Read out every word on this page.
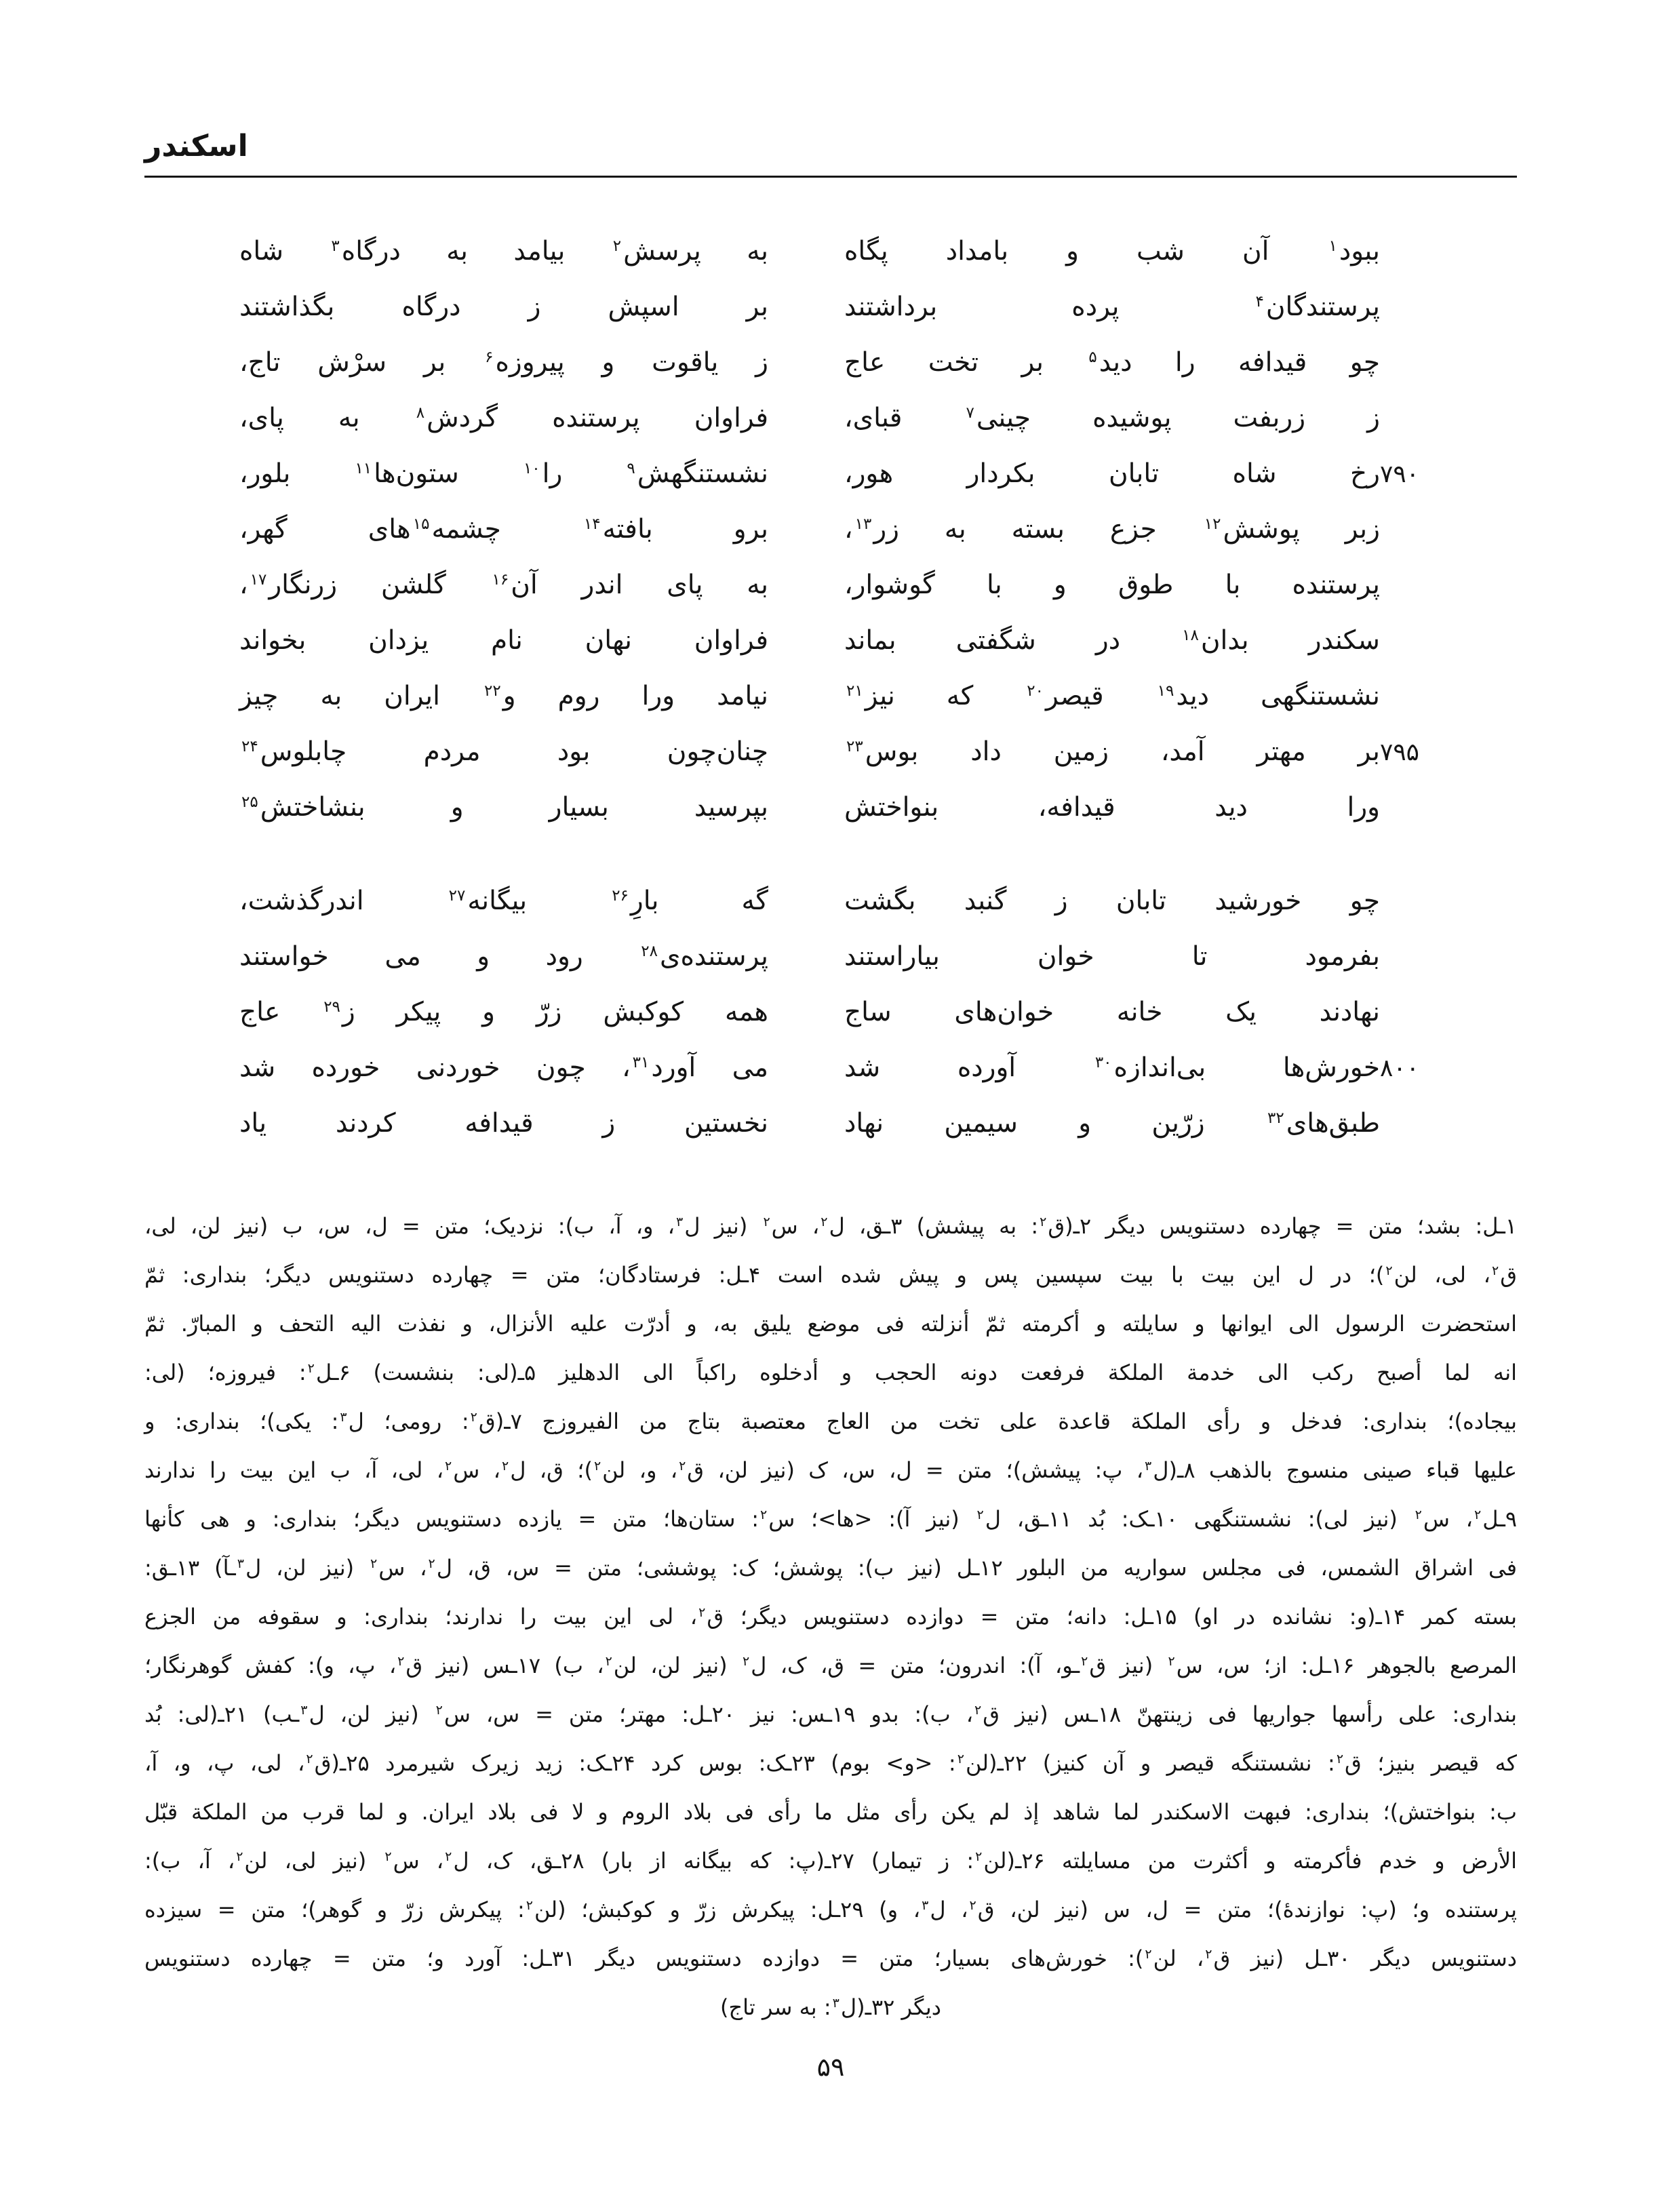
اسکندر
ببود$^۱$ آن شب و بامداد پگاه
به پرسش$^۲$ بیامد به درگاه$^۳$ شاه
پرستندگان$^۴$ پرده برداشتند
بر اسپش ز درگاه بگذاشتند
چو قیدافه را دید$^۵$ بر تخت عاج
ز یاقوت و پیروزه$^۶$ بر سرْش تاج،
ز زربفت پوشیده چینی$^۷$ قبای،
فراوان پرستنده گردش$^۸$ به پای،
۷۹۰
رخ شاه تابان بکردار هور،
نشستنگهش$^۹$ را$^{۱۰}$ ستون‌ها$^{۱۱}$ بلور،
زبر پوشش$^{۱۲}$ جزع بسته به زر$^{۱۳}$،
برو بافته$^{۱۴}$ چشمه$^{۱۵}$های گهر،
پرستنده با طوق و با گوشوار،
به پای اندر آن$^{۱۶}$ گلشن زرنگار$^{۱۷}$،
سکندر بدان$^{۱۸}$ در شگفتی بماند
فراوان نهان نام یزدان بخواند
نشستنگهی دید$^{۱۹}$ قیصر$^{۲۰}$ که نیز$^{۲۱}$
نیامد ورا روم و$^{۲۲}$ ایران به چیز
۷۹۵
بر مهتر آمد، زمین داد بوس$^{۲۳}$
چنان‌چون بود مردم چابلوس$^{۲۴}$
ورا دید قیدافه، بنواختش
بپرسید بسیار و بنشاختش$^{۲۵}$
چو خورشید تابان ز گنبد بگشت
گه بارِ$^{۲۶}$ بیگانه$^{۲۷}$ اندرگذشت،
بفرمود تا خوان بیاراستند
پرستنده‌ی$^{۲۸}$ رود و می خواستند
نهادند یک خانه خوان‌های ساج
همه کوکبش زرّ و پیکر ز$^{۲۹}$ عاج
۸۰۰
خورش‌ها بی‌اندازه$^{۳۰}$ آورده شد
می آورد$^{۳۱}$، چون خوردنی خورده شد
طبق‌های$^{۳۲}$ زرّین و سیمین نهاد
نخستین ز قیدافه کردند یاد
۱ـل: بشد؛ متن = چهارده دستنویس دیگر ۲ـ(ق$^۲$: به پیشش) ۳ـق، ل$^۲$، س$^۲$ (نیز ل$^۳$، و، آ، ب): نزدیک؛ متن = ل، س، ب (نیز لن، لی،
ق$^۲$، لی، لن$^۲$)؛ در ل این بیت با بیت سپسین پس و پیش شده است ۴ـل: فرستادگان؛ متن = چهارده دستنویس دیگر؛ بنداری: ثمّ
استحضرت الرسول الی ایوانها و سایلته و أکرمته ثمّ أنزلته فی موضع یلیق به، و أدرّت علیه الأنزال، و نفذت الیه التحف و المبارّ. ثمّ
انه لما أصبح رکب الی خدمة الملکة فرفعت دونه الحجب و أدخلوه راکباً الی الدهلیز ۵ـ(لی: بنشست) ۶ـل$^۲$: فیروزه؛ (لی:
بیجاده)؛ بنداری: فدخل و رأی الملکة قاعدة علی تخت من العاج معتصبة بتاج من الفیروزج ۷ـ(ق$^۲$: رومی؛ ل$^۳$: یکی)؛ بنداری: و
علیها قباء صینی منسوج بالذهب ۸ـ(ل$^۳$، پ: پیشش)؛ متن = ل، س، ک (نیز لن، ق$^۲$، و، لن$^۲$)؛ ق، ل$^۲$، س$^۲$، لی، آ، ب این بیت را ندارند
۹ـل$^۲$، س$^۲$ (نیز لی): نشستنگهی ۱۰ـک: بُد ۱۱ـق، ل$^۲$ (نیز آ): <ها>؛ س$^۲$: ستان‌ها؛ متن = یازده دستنویس دیگر؛ بنداری: و هی کأنها
فی اشراق الشمس، فی مجلس سواریه من البلور ۱۲ـل (نیز ب): پوشش؛ ک: پوششی؛ متن = س، ق، ل$^۲$، س$^۲$ (نیز لن، ل$^۳$ـآ) ۱۳ـق:
بسته کمر ۱۴ـ(و: نشانده در او) ۱۵ـل: دانه؛ متن = دوازده دستنویس دیگر؛ ق$^۲$، لی این بیت را ندارند؛ بنداری: و سقوفه من الجزع
المرصع بالجوهر ۱۶ـل: از؛ س، س$^۲$ (نیز ق$^۲$ـو، آ): اندرون؛ متن = ق، ک، ل$^۲$ (نیز لن، لن$^۲$، ب) ۱۷ـس (نیز ق$^۲$، پ، و): کفش گوهرنگار؛
بنداری: علی رأسها جواریها فی زینتهنّ ۱۸ـس (نیز ق$^۲$، ب): بدو ۱۹ـس: نیز ۲۰ـل: مهتر؛ متن = س، س$^۲$ (نیز لن، ل$^۳$ـب) ۲۱ـ(لی: بُد
که قیصر بنیز؛ ق$^۲$: نشستنگه قیصر و آن کنیز) ۲۲ـ(لن$^۲$: <و> بوم) ۲۳ـک: بوس کرد ۲۴ـک: زید زیرک شیرمرد ۲۵ـ(ق$^۲$، لی، پ، و، آ،
ب: بنواختش)؛ بنداری: فبهت الاسکندر لما شاهد إذ لم یکن رأی مثل ما رأی فی بلاد الروم و لا فی بلاد ایران. و لما قرب من الملکة قبّل
الأرض و خدم فأکرمته و أکثرت من مسایلته ۲۶ـ(لن$^۲$: ز تیمار) ۲۷ـ(پ: که بیگانه از بار) ۲۸ـق، ک، ل$^۲$، س$^۲$ (نیز لی، لن$^۲$، آ، ب):
پرستنده و؛ (پ: نوازندهٔ)؛ متن = ل، س (نیز لن، ق$^۲$، ل$^۳$، و) ۲۹ـل: پیکرش زرّ و کوکبش؛ (لن$^۲$: پیکرش زرّ و گوهر)؛ متن = سیزده
دستنویس دیگر ۳۰ـل (نیز ق$^۲$، لن$^۲$): خورش‌های بسیار؛ متن = دوازده دستنویس دیگر ۳۱ـل: آورد و؛ متن = چهارده دستنویس
دیگر ۳۲ـ(ل$^۳$: به سر تاج)
۵۹
